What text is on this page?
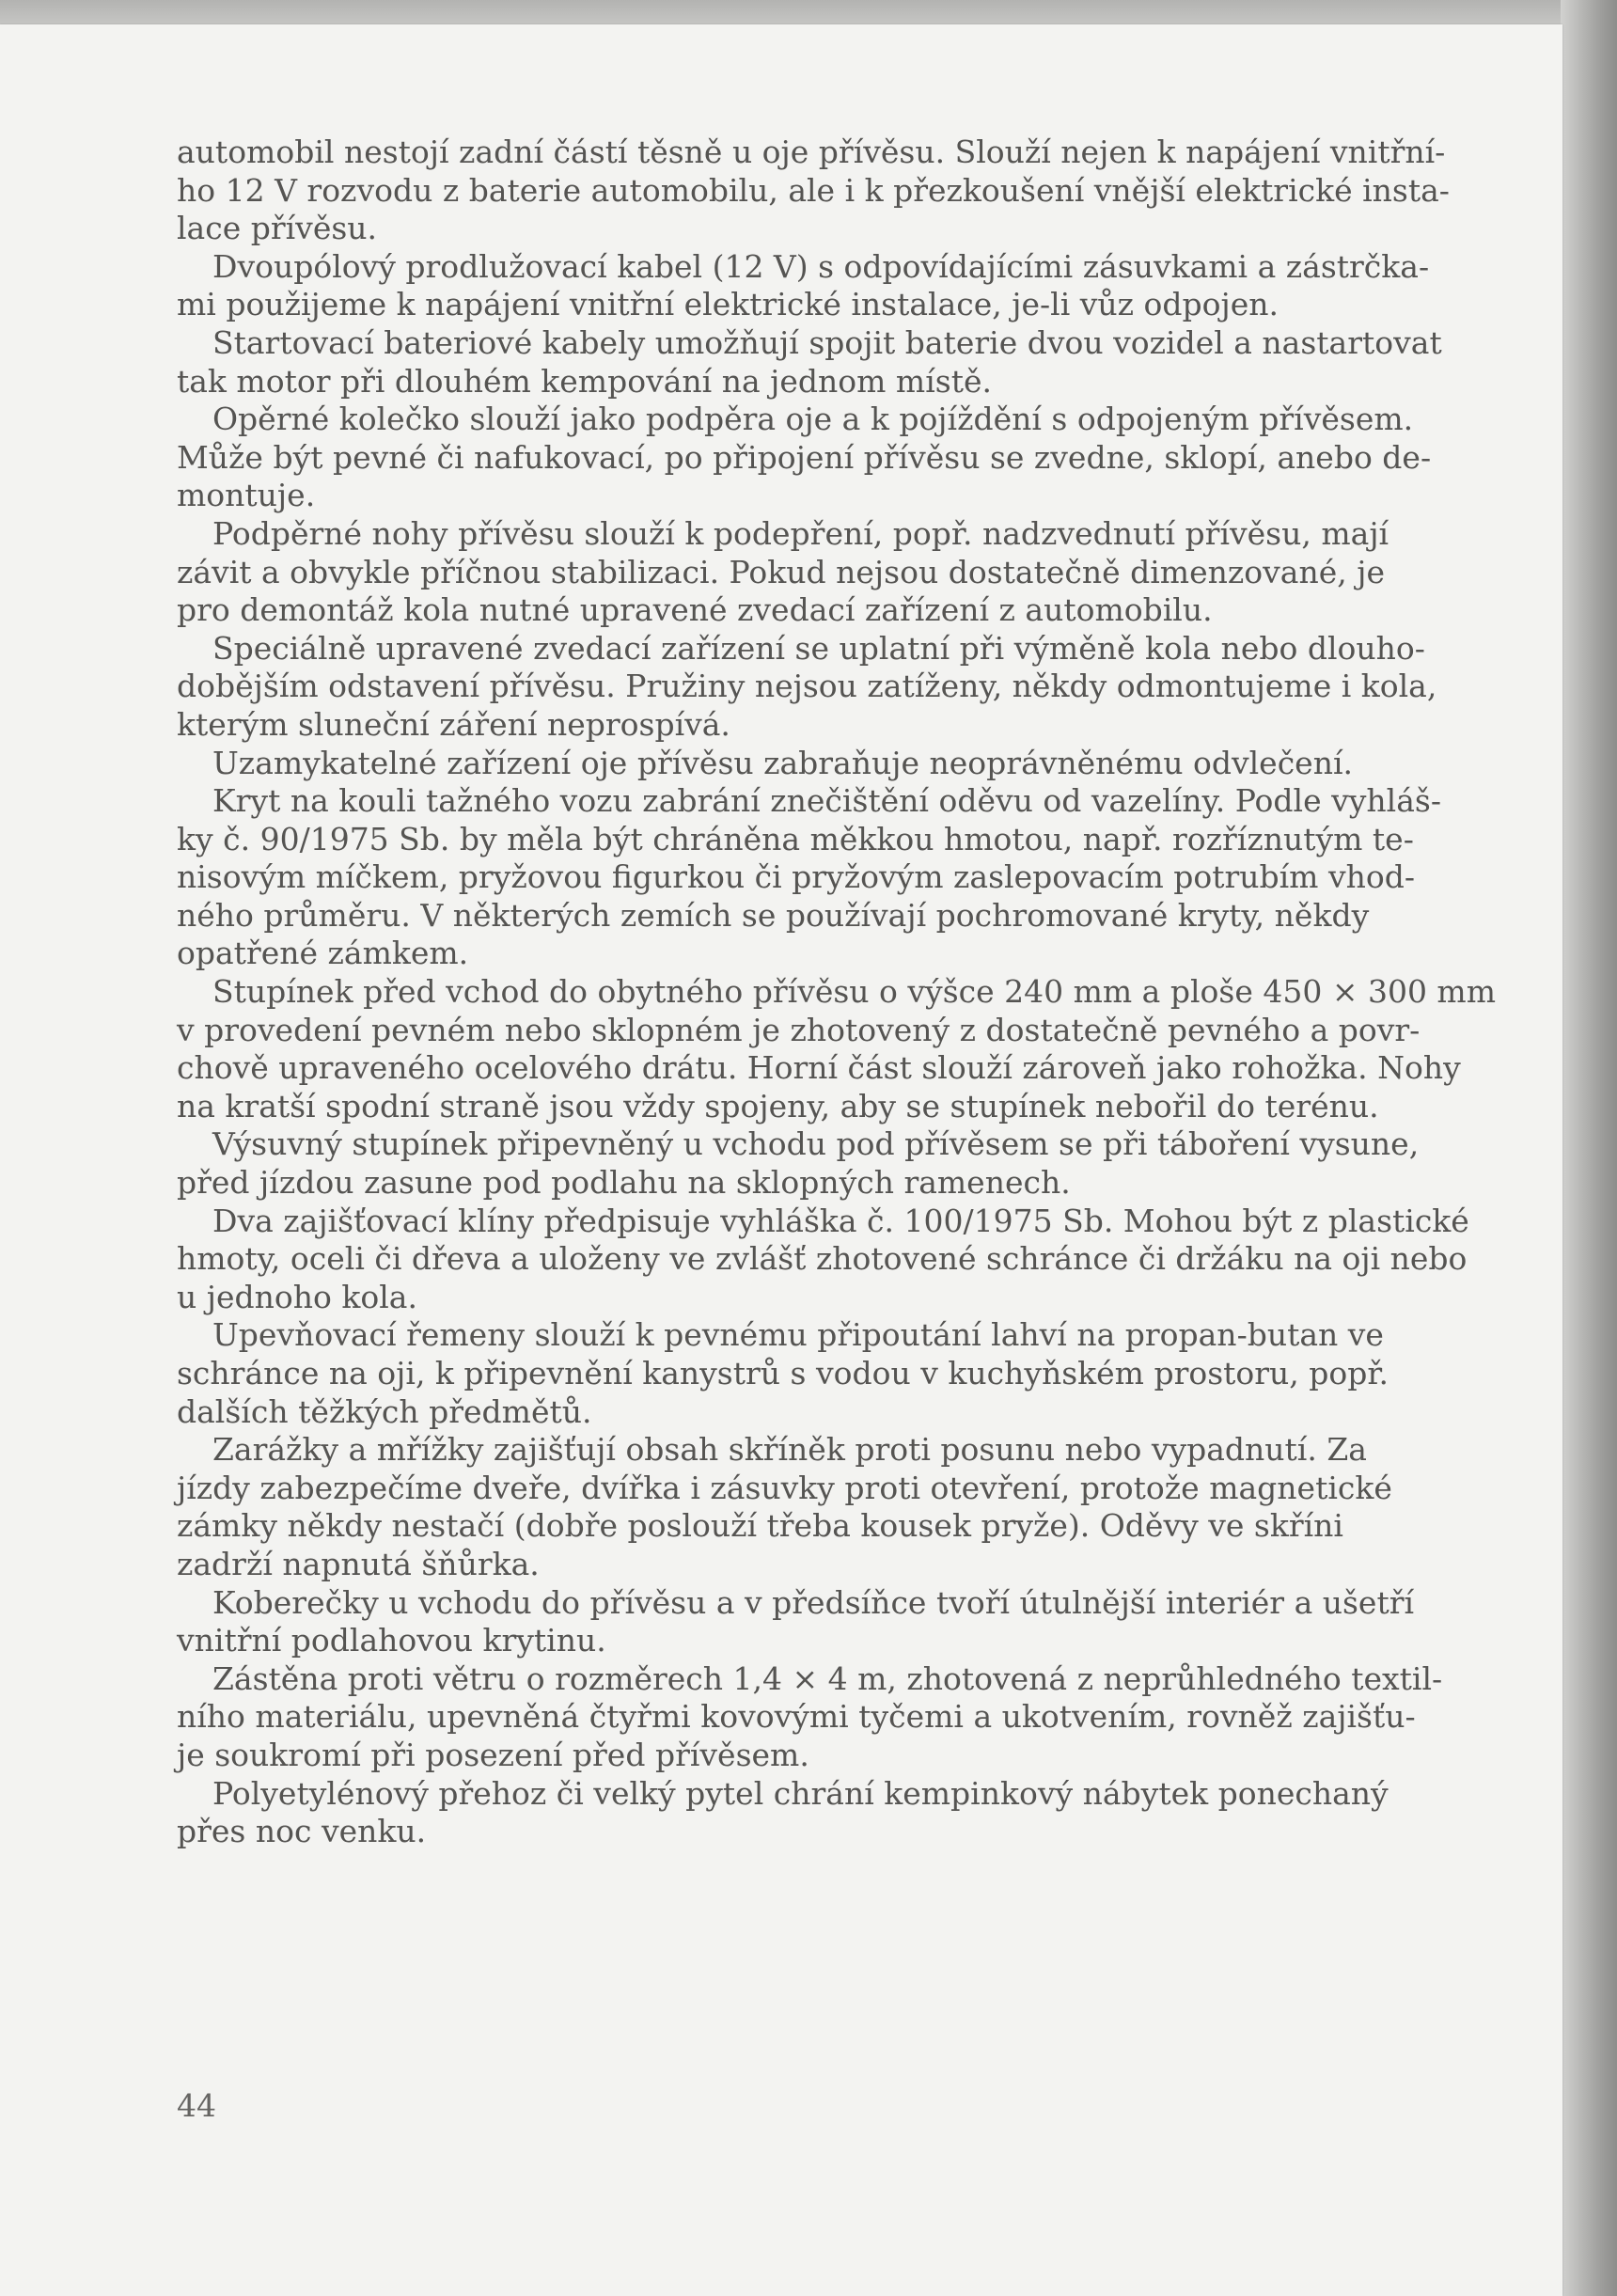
automobil nestojí zadní částí těsně u oje přívěsu. Slouží nejen k napájení vnitřní-
ho 12 V rozvodu z baterie automobilu, ale i k přezkoušení vnější elektrické insta-
lace přívěsu.

Dvoupólový prodlužovací kabel (12 V) s odpovídajícími zásuvkami a zástrčka-
mi použijeme k napájení vnitřní elektrické instalace, je-li vůz odpojen.

Startovací bateriové kabely umožňují spojit baterie dvou vozidel a nastartovat
tak motor při dlouhém kempování na jednom místě.

Opěrné kolečko slouží jako podpěra oje a k pojíždění s odpojeným přívěsem.
Může být pevné či nafukovací, po připojení přívěsu se zvedne, sklopí, anebo de-
montuje.

Podpěrné nohy přívěsu slouží k podepření, popř. nadzvednutí přívěsu, mají
závit a obvykle příčnou stabilizaci. Pokud nejsou dostatečně dimenzované, je
pro demontáž kola nutné upravené zvedací zařízení z automobilu.

Speciálně upravené zvedací zařízení se uplatní při výměně kola nebo dlouho-
dobějším odstavení přívěsu. Pružiny nejsou zatíženy, někdy odmontujeme i kola,
kterým sluneční záření neprospívá.

Uzamykatelné zařízení oje přívěsu zabraňuje neoprávněnému odvlečení.

Kryt na kouli tažného vozu zabrání znečištění oděvu od vazelíny. Podle vyhláš-
ky č. 90/1975 Sb. by měla být chráněna měkkou hmotou, např. rozříznutým te-
nisovým míčkem, pryžovou figurkou či pryžovým zaslepovacím potrubím vhod-
ného průměru. V některých zemích se používají pochromované kryty, někdy
opatřené zámkem.

Stupínek před vchod do obytného přívěsu o výšce 240 mm a ploše 450 × 300 mm
v provedení pevném nebo sklopném je zhotovený z dostatečně pevného a povr-
chově upraveného ocelového drátu. Horní část slouží zároveň jako rohožka. Nohy
na kratší spodní straně jsou vždy spojeny, aby se stupínek nebořil do terénu.

Výsuvný stupínek připevněný u vchodu pod přívěsem se při táboření vysune,
před jízdou zasune pod podlahu na sklopných ramenech.

Dva zajišťovací klíny předpisuje vyhláška č. 100/1975 Sb. Mohou být z plastické
hmoty, oceli či dřeva a uloženy ve zvlášť zhotovené schránce či držáku na oji nebo
u jednoho kola.

Upevňovací řemeny slouží k pevnému připoutání lahví na propan-butan ve
schránce na oji, k připevnění kanystrů s vodou v kuchyňském prostoru, popř.
dalších těžkých předmětů.

Zarážky a mřížky zajišťují obsah skříněk proti posunu nebo vypadnutí. Za
jízdy zabezpečíme dveře, dvířka i zásuvky proti otevření, protože magnetické
zámky někdy nestačí (dobře poslouží třeba kousek pryže). Oděvy ve skříni
zadrží napnutá šňůrka.

Koberečky u vchodu do přívěsu a v předsíňce tvoří útulnější interiér a ušetří
vnitřní podlahovou krytinu.

Zástěna proti větru o rozměrech 1,4 × 4 m, zhotovená z neprůhledného textil-
ního materiálu, upevněná čtyřmi kovovými tyčemi a ukotvením, rovněž zajišťu-
je soukromí při posezení před přívěsem.

Polyetylénový přehoz či velký pytel chrání kempinkový nábytek ponechaný
přes noc venku.

44
